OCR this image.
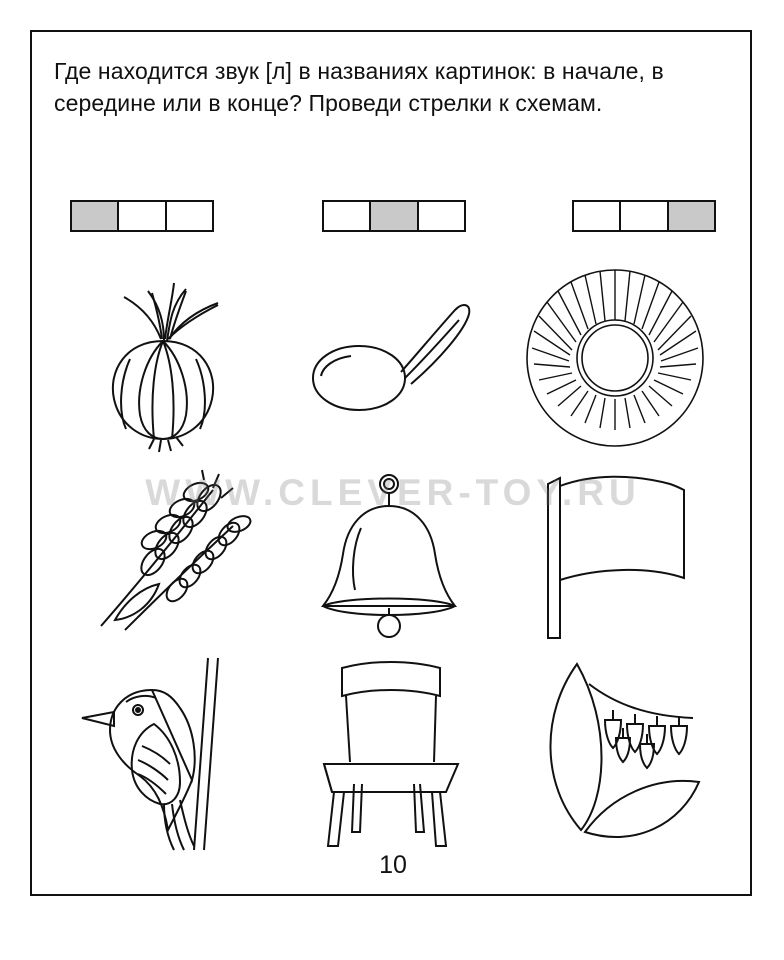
Где находится звук [л] в названиях картинок: в начале, в середине или в конце? Проведи стрелки к схемам.
WWW.CLEVER-TOY.RU
10
